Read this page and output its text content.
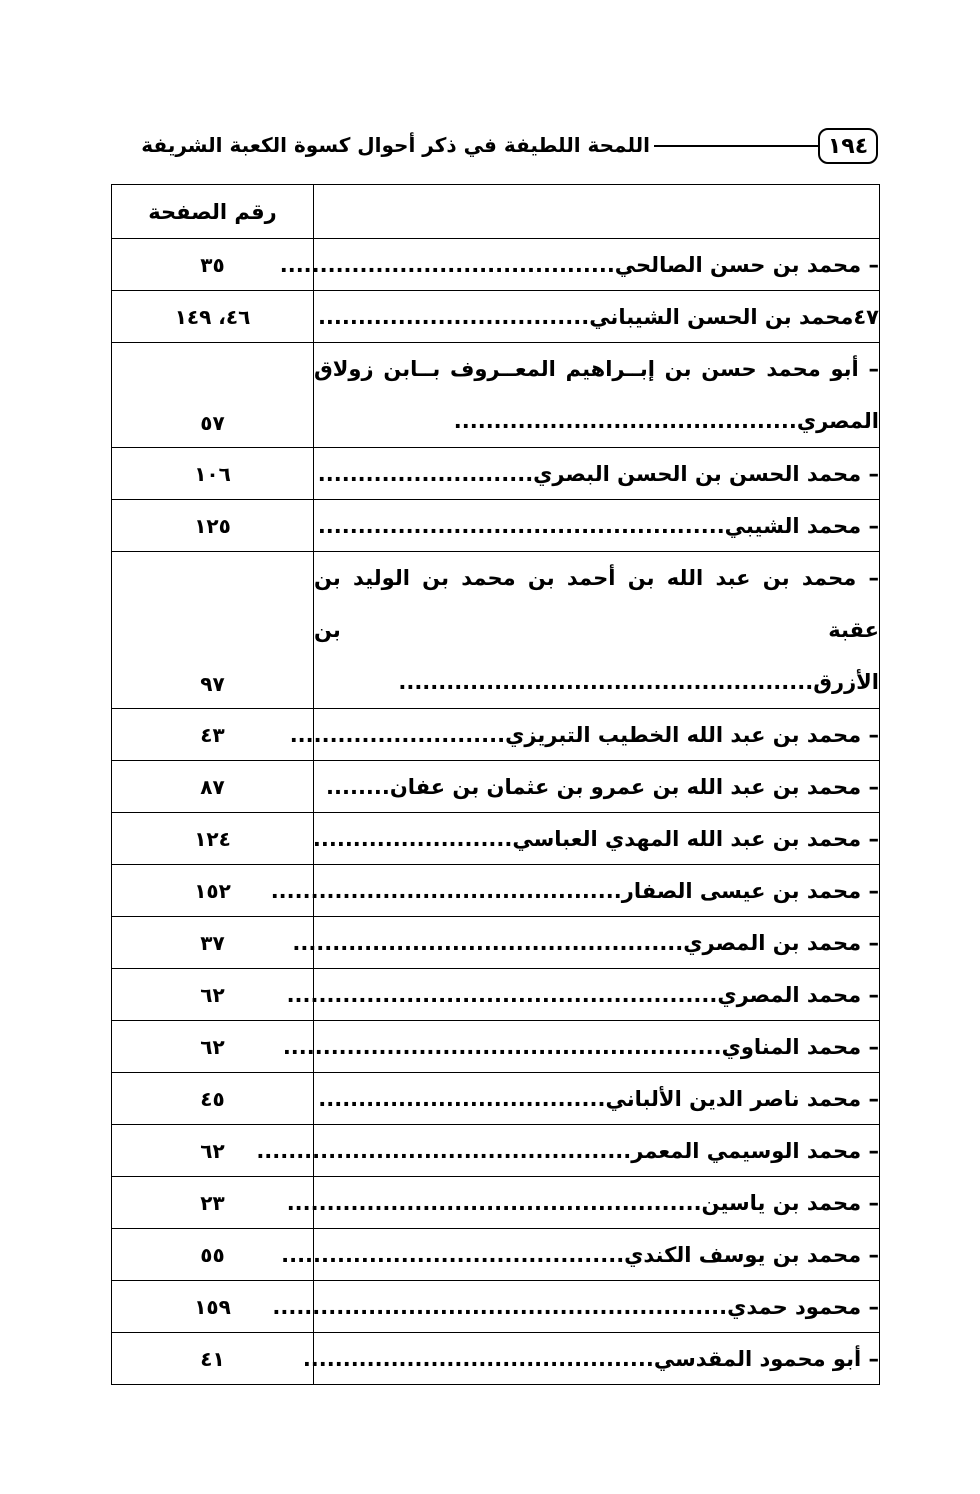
١٩٤
اللمحة اللطيفة في ذكر أحوال كسوة الكعبة الشريفة
	رقم الصفحة
– محمد بن حسن الصالحي..........................................	٣٥
٤٧محمد بن الحسن الشيباني..................................	٤٦، ١٤٩
– أبو محمد حسن بن إبــراهيم المعــروف بــابن زولاق المصري...........................................	٥٧
– محمد الحسن بن الحسن البصري...........................	١٠٦
– محمد الشيبي...................................................	١٢٥
– محمد بن عبد الله بن أحمد بن محمد بن الوليد بن عقبة بن الأزرق....................................................	٩٧
– محمد بن عبد الله الخطيب التبريزي...........................	٤٣
– محمد بن عبد الله بن عمرو بن عثمان بن عفان........	٨٧
– محمد بن عبد الله المهدي العباسي.........................	١٢٤
– محمد بن عيسى الصفار............................................	١٥٢
– محمد بن المصري.................................................	٣٧
– محمد المصري......................................................	٦٢
– محمد المناوي.......................................................	٦٢
– محمد ناصر الدين الألباني....................................	٤٥
– محمد الوسيمي المعمر...............................................	٦٢
– محمد بن ياسين....................................................	٢٣
– محمد بن يوسف الكندي...........................................	٥٥
– محمود حمدي.........................................................	١٥٩
– أبو محمود المقدسي............................................	٤١
